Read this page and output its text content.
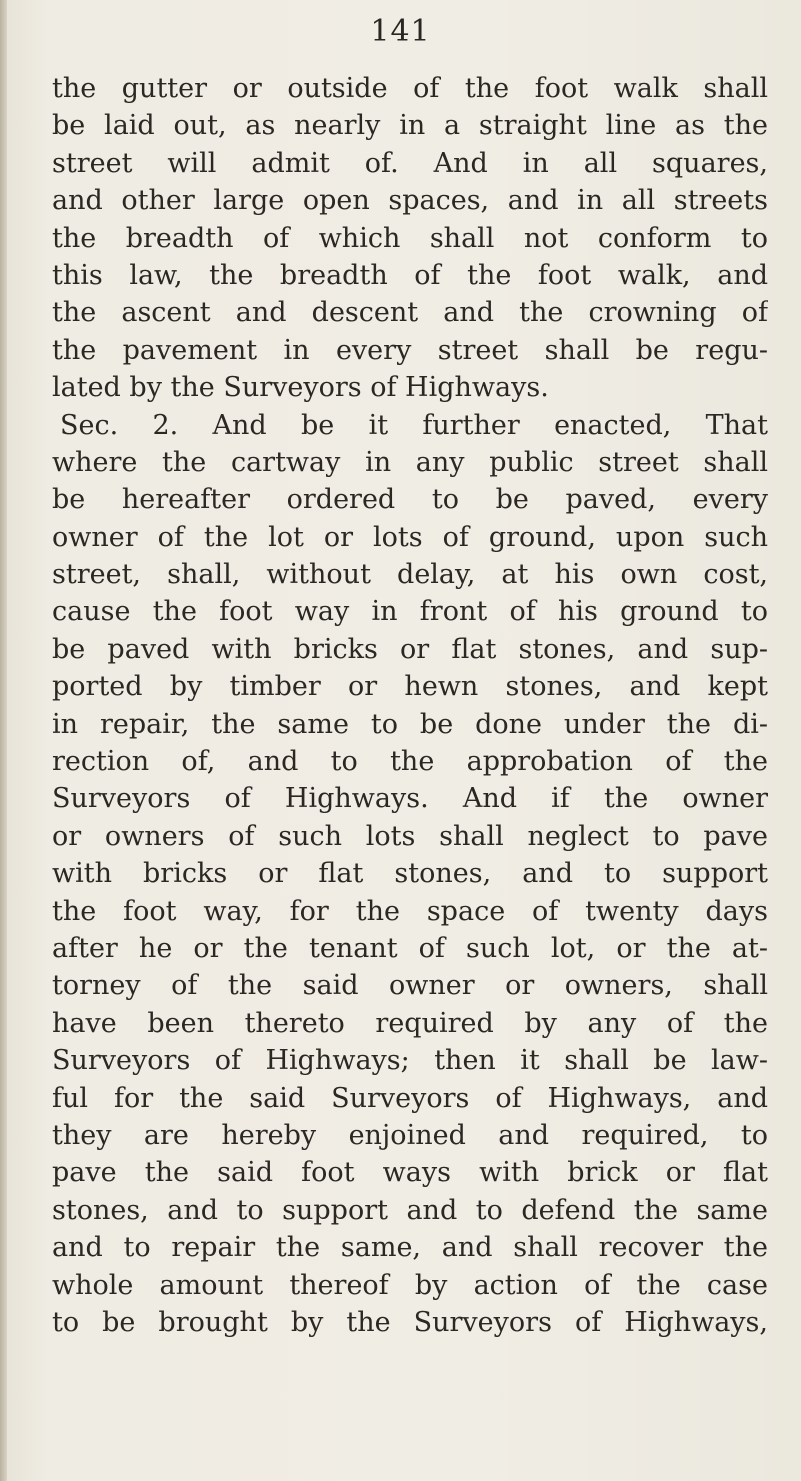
141
the gutter or outside of the foot walk shall
be laid out, as nearly in a straight line as the
street will admit of. And in all squares,
and other large open spaces, and in all streets
the breadth of which shall not conform to
this law, the breadth of the foot walk, and
the ascent and descent and the crowning of
the pavement in every street shall be regu-
lated by the Surveyors of Highways.
Sec. 2. And be it further enacted, That
where the cartway in any public street shall
be hereafter ordered to be paved, every
owner of the lot or lots of ground, upon such
street, shall, without delay, at his own cost,
cause the foot way in front of his ground to
be paved with bricks or flat stones, and sup-
ported by timber or hewn stones, and kept
in repair, the same to be done under the di-
rection of, and to the approbation of the
Surveyors of Highways. And if the owner
or owners of such lots shall neglect to pave
with bricks or flat stones, and to support
the foot way, for the space of twenty days
after he or the tenant of such lot, or the at-
torney of the said owner or owners, shall
have been thereto required by any of the
Surveyors of Highways; then it shall be law-
ful for the said Surveyors of Highways, and
they are hereby enjoined and required, to
pave the said foot ways with brick or flat
stones, and to support and to defend the same
and to repair the same, and shall recover the
whole amount thereof by action of the case
to be brought by the Surveyors of Highways,
